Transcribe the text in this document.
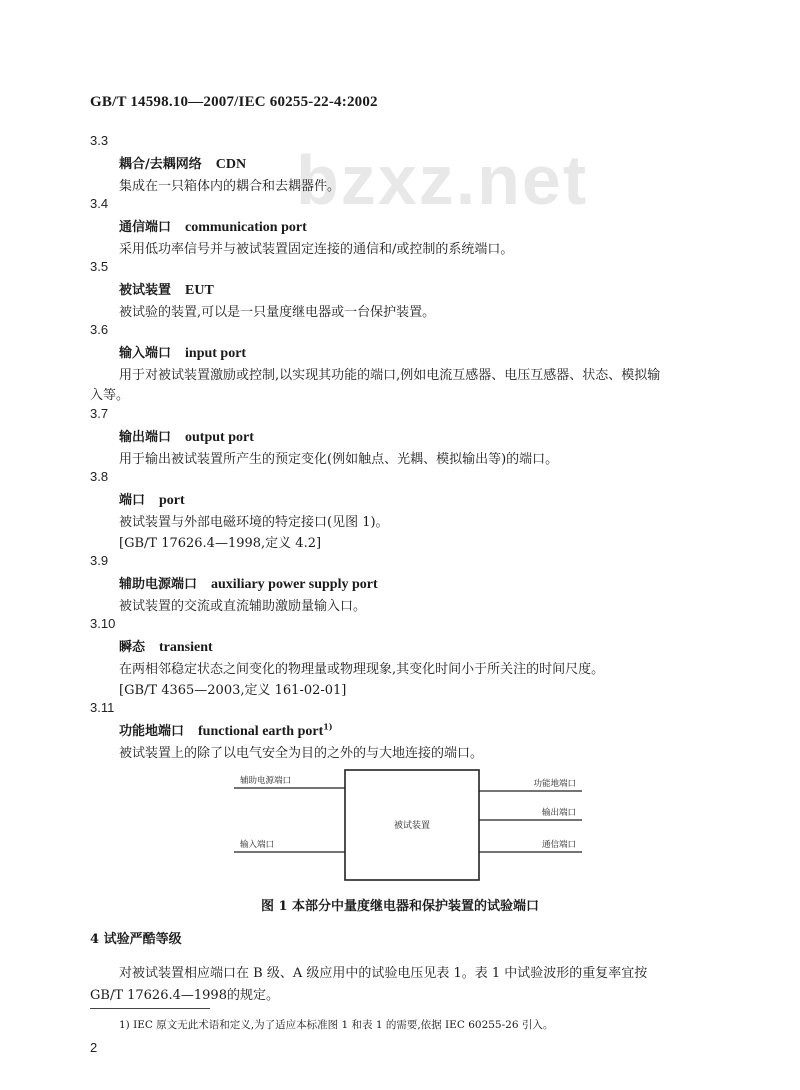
GB/T 14598.10—2007/IEC 60255-22-4:2002
bzxz.net
3.3
耦合/去耦网络 CDN
集成在一只箱体内的耦合和去耦器件。
3.4
通信端口 communication port
采用低功率信号并与被试装置固定连接的通信和/或控制的系统端口。
3.5
被试装置 EUT
被试验的装置,可以是一只量度继电器或一台保护装置。
3.6
输入端口 input port
用于对被试装置激励或控制,以实现其功能的端口,例如电流互感器、电压互感器、状态、模拟输
入等。
3.7
输出端口 output port
用于输出被试装置所产生的预定变化(例如触点、光耦、模拟输出等)的端口。
3.8
端口 port
被试装置与外部电磁环境的特定接口(见图 1)。
[GB/T 17626.4—1998,定义 4.2]
3.9
辅助电源端口 auxiliary power supply port
被试装置的交流或直流辅助激励量输入口。
3.10
瞬态 transient
在两相邻稳定状态之间变化的物理量或物理现象,其变化时间小于所关注的时间尺度。
[GB/T 4365—2003,定义 161-02-01]
3.11
功能地端口 functional earth port$^{1)}$
被试装置上的除了以电气安全为目的之外的与大地连接的端口。
被试装置
辅助电源端口
输入端口
功能地端口
输出端口
通信端口
图 1 本部分中量度继电器和保护装置的试验端口
4 试验严酷等级
对被试装置相应端口在 B 级、A 级应用中的试验电压见表 1。表 1 中试验波形的重复率宜按
GB/T 17626.4—1998的规定。
1) IEC 原文无此术语和定义,为了适应本标准图 1 和表 1 的需要,依据 IEC 60255-26 引入。
2
